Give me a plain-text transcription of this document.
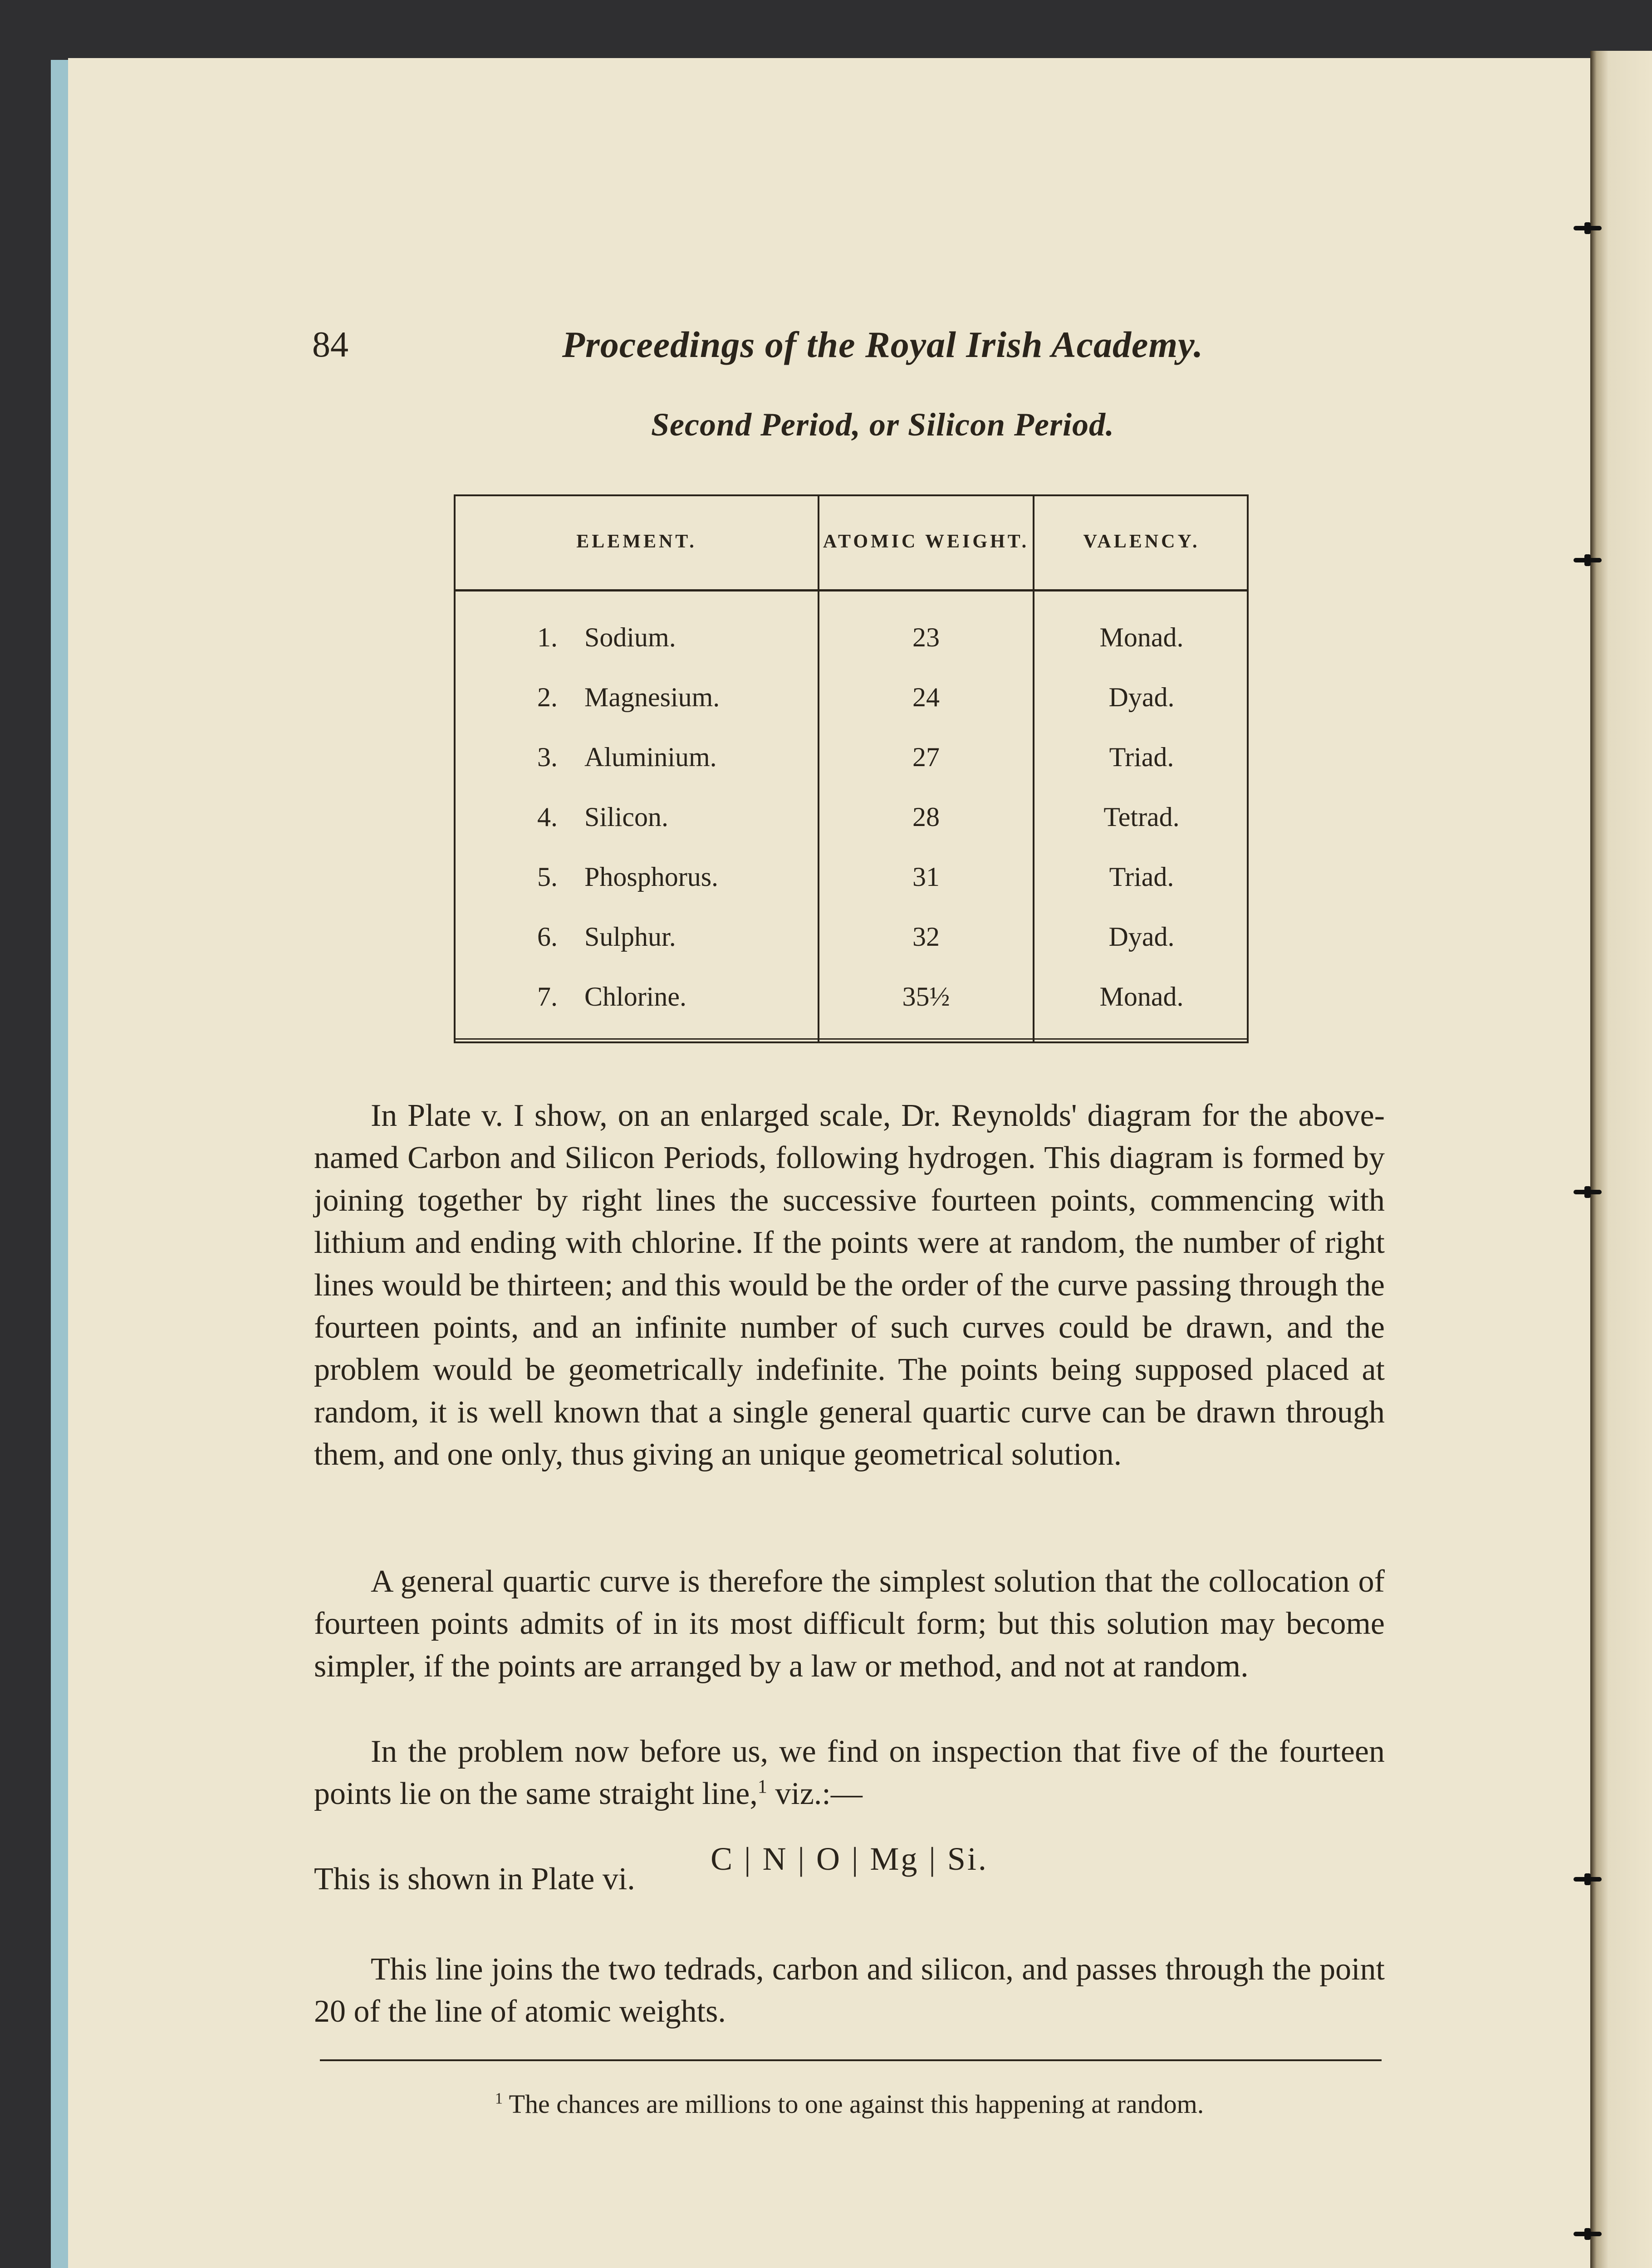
84	Proceedings of the Royal Irish Academy.
Second Period, or Silicon Period.
ELEMENT.	ATOMIC WEIGHT.	VALENCY.
1. Sodium.	23	Monad.
2. Magnesium.	24	Dyad.
3. Aluminium.	27	Triad.
4. Silicon.	28	Tetrad.
5. Phosphorus.	31	Triad.
6. Sulphur.	32	Dyad.
7. Chlorine.	35½	Monad.

In Plate v. I show, on an enlarged scale, Dr. Reynolds' diagram for the above-named Carbon and Silicon Periods, following hydrogen. This diagram is formed by joining together by right lines the successive fourteen points, commencing with lithium and ending with chlorine. If the points were at random, the number of right lines would be thirteen; and this would be the order of the curve passing through the fourteen points, and an infinite number of such curves could be drawn, and the problem would be geometrically indefinite. The points being supposed placed at random, it is well known that a single general quartic curve can be drawn through them, and one only, thus giving an unique geometrical solution.

A general quartic curve is therefore the simplest solution that the collocation of fourteen points admits of in its most difficult form; but this solution may become simpler, if the points are arranged by a law or method, and not at random.

In the problem now before us, we find on inspection that five of the fourteen points lie on the same straight line,$^1$ viz.:—

C | N | O | Mg | Si.

This is shown in Plate vi.

This line joins the two tedrads, carbon and silicon, and passes through the point 20 of the line of atomic weights.

$^1$ The chances are millions to one against this happening at random.
